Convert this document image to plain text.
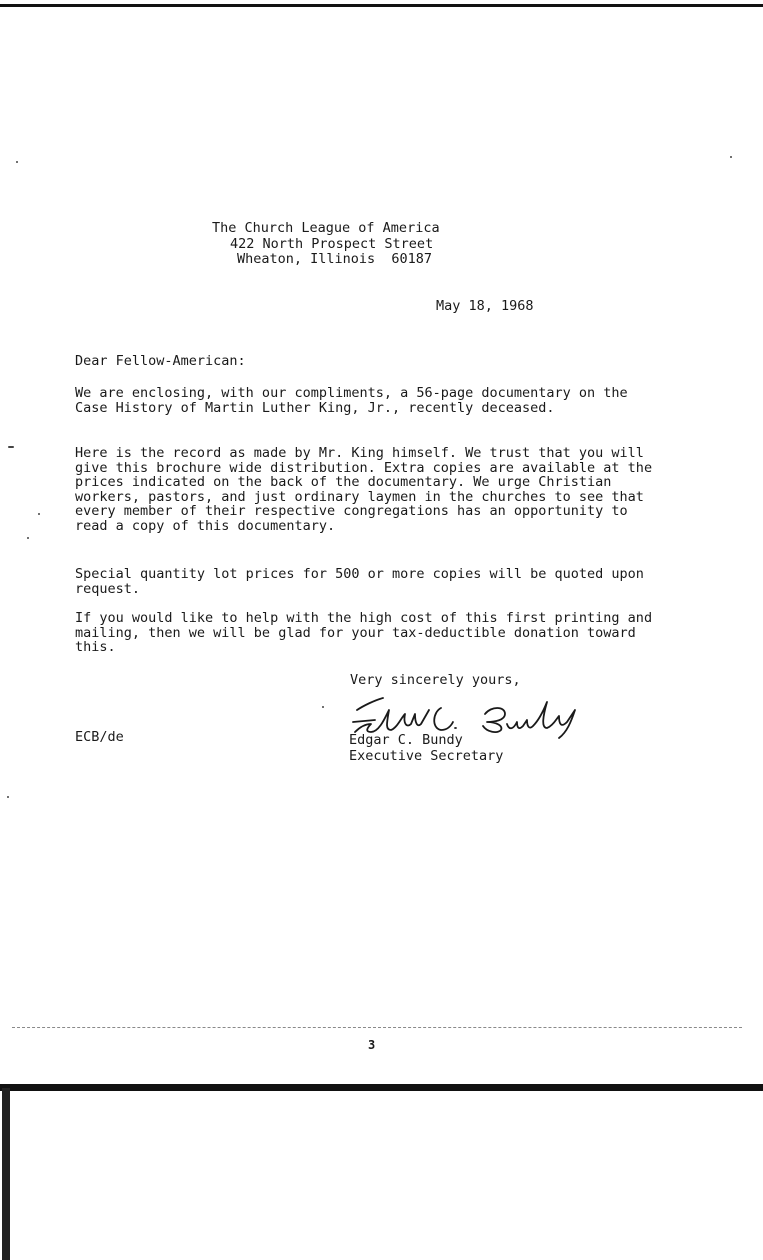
The Church League of America
422 North Prospect Street
Wheaton, Illinois  60187
May 18, 1968
Dear Fellow-American:

We are enclosing, with our compliments, a 56-page documentary on the Case History of Martin Luther King, Jr., recently deceased.

Here is the record as made by Mr. King himself. We trust that you will give this brochure wide distribution. Extra copies are available at the prices indicated on the back of the documentary. We urge Christian workers, pastors, and just ordinary laymen in the churches to see that every member of their respective congregations has an opportunity to read a copy of this documentary.

Special quantity lot prices for 500 or more copies will be quoted upon request.

If you would like to help with the high cost of this first printing and mailing, then we will be glad for your tax-deductible donation toward this.

Very sincerely yours,
ECB/de	Edgar C. Bundy
Executive Secretary
3
